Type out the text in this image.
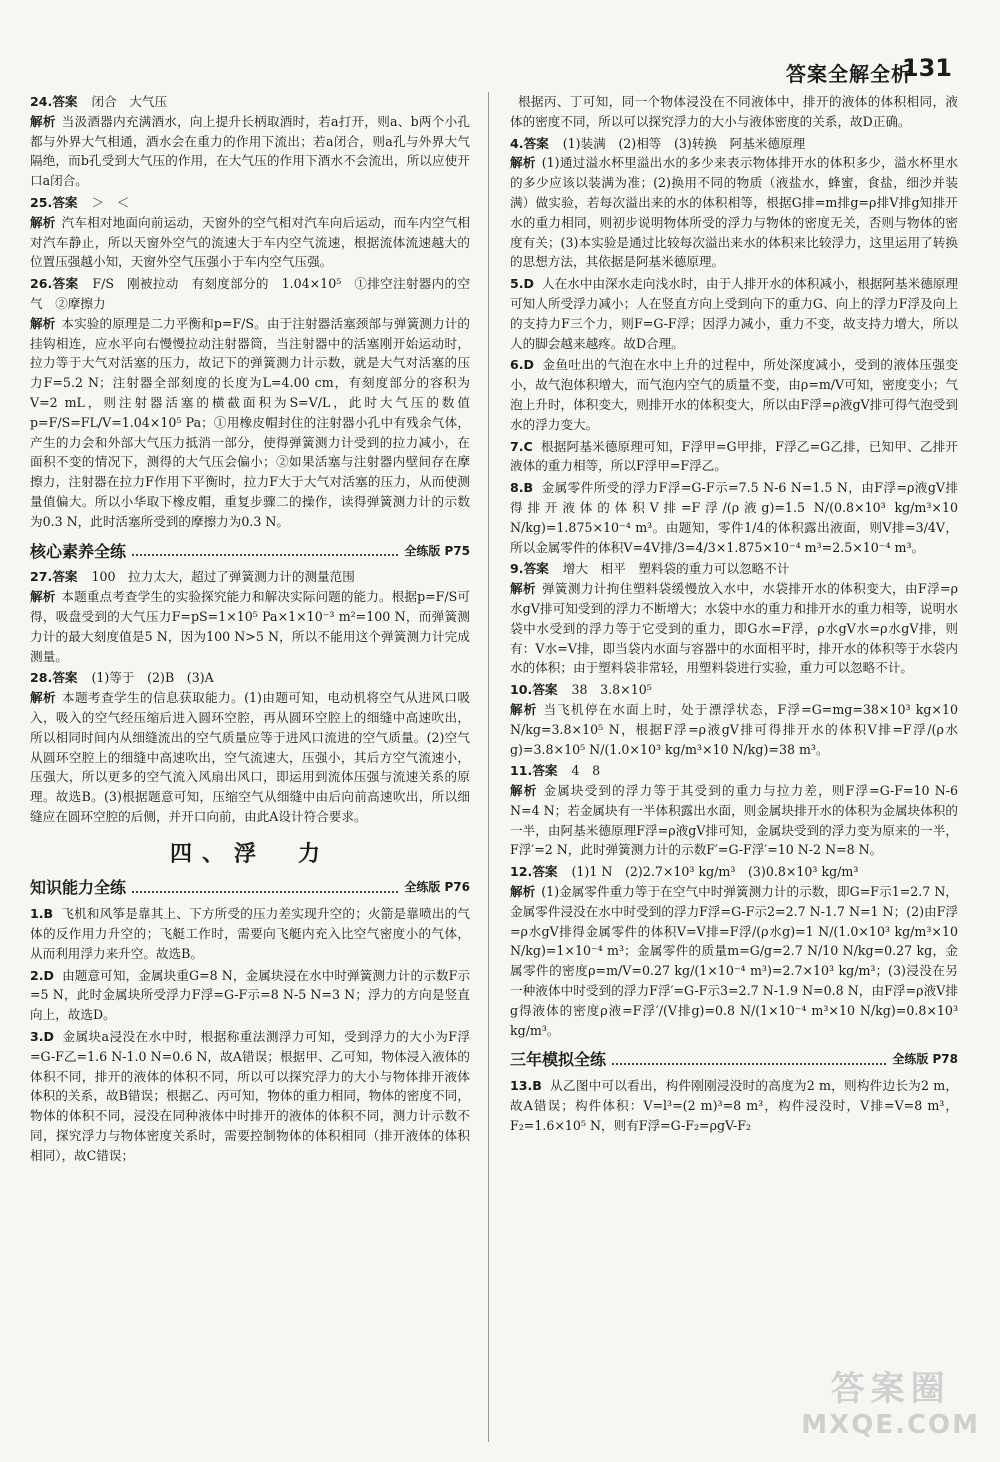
答案全解全析
131

24.答案 闭合　大气压

解析 当汲酒器内充满酒水，向上提升长柄取酒时，若a打开，则a、b两个小孔都与外界大气相通，酒水会在重力的作用下流出；若a闭合，则a孔与外界大气隔绝，而b孔受到大气压的作用，在大气压的作用下酒水不会流出，所以应使开口a闭合。

25.答案 ＞　＜

解析 汽车相对地面向前运动，天窗外的空气相对汽车向后运动，而车内空气相对汽车静止，所以天窗外空气的流速大于车内空气流速，根据流体流速越大的位置压强越小知，天窗外空气压强小于车内空气压强。

26.答案 F/S　刚被拉动　有刻度部分的　1.04×10⁵　①排空注射器内的空气　②摩擦力

解析 本实验的原理是二力平衡和p=F/S。由于注射器活塞颈部与弹簧测力计的挂钩相连，应水平向右慢慢拉动注射器筒，当注射器中的活塞刚开始运动时，拉力等于大气对活塞的压力，故记下的弹簧测力计示数，就是大气对活塞的压力F=5.2 N；注射器全部刻度的长度为L=4.00 cm，有刻度部分的容积为V=2 mL，则注射器活塞的横截面积为S=V/L，此时大气压的数值p=F/S=FL/V=1.04×10⁵ Pa；①用橡皮帽封住的注射器小孔中有残余气体，产生的力会和外部大气压力抵消一部分，使得弹簧测力计受到的拉力减小，在面积不变的情况下，测得的大气压会偏小；②如果活塞与注射器内壁间存在摩擦力，注射器在拉力F作用下平衡时，拉力F大于大气对活塞的压力，从而使测量值偏大。所以小华取下橡皮帽，重复步骤二的操作，读得弹簧测力计的示数为0.3 N，此时活塞所受到的摩擦力为0.3 N。

核心素养全练	全练版 P75

27.答案 100　拉力太大，超过了弹簧测力计的测量范围

解析 本题重点考查学生的实验探究能力和解决实际问题的能力。根据p=F/S可得，吸盘受到的大气压力F=pS=1×10⁵ Pa×1×10⁻³ m²=100 N，而弹簧测力计的最大刻度值是5 N，因为100 N>5 N，所以不能用这个弹簧测力计完成测量。

28.答案 (1)等于　(2)B　(3)A

解析 本题考查学生的信息获取能力。(1)由题可知，电动机将空气从进风口吸入，吸入的空气经压缩后进入圆环空腔，再从圆环空腔上的细缝中高速吹出，所以相同时间内从细缝流出的空气质量应等于进风口流进的空气质量。(2)空气从圆环空腔上的细缝中高速吹出，空气流速大，压强小，其后方空气流速小，压强大，所以更多的空气流入风扇出风口，即运用到流体压强与流速关系的原理。故选B。(3)根据题意可知，压缩空气从细缝中由后向前高速吹出，所以细缝应在圆环空腔的后侧，并开口向前，由此A设计符合要求。

四、浮　力
知识能力全练	全练版 P76

1.B 飞机和风筝是靠其上、下方所受的压力差实现升空的；火箭是靠喷出的气体的反作用力升空的；飞艇工作时，需要向飞艇内充入比空气密度小的气体，从而利用浮力来升空。故选B。

2.D 由题意可知，金属块重G=8 N，金属块浸在水中时弹簧测力计的示数F示=5 N，此时金属块所受浮力F浮=G-F示=8 N-5 N=3 N；浮力的方向是竖直向上，故选D。

3.D 金属块a浸没在水中时，根据称重法测浮力可知，受到浮力的大小为F浮=G-F乙=1.6 N-1.0 N=0.6 N，故A错误；根据甲、乙可知，物体浸入液体的体积不同，排开的液体的体积不同，所以可以探究浮力的大小与物体排开液体体积的关系，故B错误；根据乙、丙可知，物体的重力相同，物体的密度不同，物体的体积不同，浸没在同种液体中时排开的液体的体积不同，测力计示数不同，探究浮力与物体密度关系时，需要控制物体的体积相同（排开液体的体积相同），故C错误；

根据丙、丁可知，同一个物体浸没在不同液体中，排开的液体的体积相同，液体的密度不同，所以可以探究浮力的大小与液体密度的关系，故D正确。

4.答案 (1)装满　(2)相等　(3)转换　阿基米德原理

解析 (1)通过溢水杯里溢出水的多少来表示物体排开水的体积多少，溢水杯里水的多少应该以装满为准；(2)换用不同的物质（液盐水，蜂蜜，食盐，细沙并装满）做实验，若每次溢出来的水的体积相等，根据G排=m排g=ρ排V排g知排开水的重力相同，则初步说明物体所受的浮力与物体的密度无关，否则与物体的密度有关；(3)本实验是通过比较每次溢出来水的体积来比较浮力，这里运用了转换的思想方法，其依据是阿基米德原理。

5.D 人在水中由深水走向浅水时，由于人排开水的体积减小，根据阿基米德原理可知人所受浮力减小；人在竖直方向上受到向下的重力G、向上的浮力F浮及向上的支持力F三个力，则F=G-F浮；因浮力减小，重力不变，故支持力增大，所以人的脚会越来越疼。故D合理。

6.D 金鱼吐出的气泡在水中上升的过程中，所处深度减小，受到的液体压强变小，故气泡体积增大，而气泡内空气的质量不变，由ρ=m/V可知，密度变小；气泡上升时，体积变大，则排开水的体积变大，所以由F浮=ρ液gV排可得气泡受到水的浮力变大。

7.C 根据阿基米德原理可知，F浮甲=G甲排，F浮乙=G乙排，已知甲、乙排开液体的重力相等，所以F浮甲=F浮乙。

8.B 金属零件所受的浮力F浮=G-F示=7.5 N-6 N=1.5 N，由F浮=ρ液gV排得排开液体的体积V排=F浮/(ρ液g)=1.5 N/(0.8×10³ kg/m³×10 N/kg)=1.875×10⁻⁴ m³。由题知，零件1/4的体积露出液面，则V排=3/4V，所以金属零件的体积V=4V排/3=4/3×1.875×10⁻⁴ m³=2.5×10⁻⁴ m³。

9.答案 增大　相平　塑料袋的重力可以忽略不计

解析 弹簧测力计拘住塑料袋缓慢放入水中，水袋排开水的体积变大，由F浮=ρ水gV排可知受到的浮力不断增大；水袋中水的重力和排开水的重力相等，说明水袋中水受到的浮力等于它受到的重力，即G水=F浮，ρ水gV水=ρ水gV排，则有：V水=V排，即当袋内水面与容器中的水面相平时，排开水的体积等于水袋内水的体积；由于塑料袋非常轻，用塑料袋进行实验，重力可以忽略不计。

10.答案 38　3.8×10⁵

解析 当飞机停在水面上时，处于漂浮状态，F浮=G=mg=38×10³ kg×10 N/kg=3.8×10⁵ N，根据F浮=ρ液gV排可得排开水的体积V排=F浮/(ρ水g)=3.8×10⁵ N/(1.0×10³ kg/m³×10 N/kg)=38 m³。

11.答案 4　8

解析 金属块受到的浮力等于其受到的重力与拉力差，则F浮=G-F=10 N-6 N=4 N；若金属块有一半体积露出水面，则金属块排开水的体积为金属块体积的一半，由阿基米德原理F浮=ρ液gV排可知，金属块受到的浮力变为原来的一半，F浮′=2 N，此时弹簧测力计的示数F′=G-F浮′=10 N-2 N=8 N。

12.答案 (1)1 N　(2)2.7×10³ kg/m³　(3)0.8×10³ kg/m³

解析 (1)金属零件重力等于在空气中时弹簧测力计的示数，即G=F示1=2.7 N，金属零件浸没在水中时受到的浮力F浮=G-F示2=2.7 N-1.7 N=1 N；(2)由F浮=ρ水gV排得金属零件的体积V=V排=F浮/(ρ水g)=1 N/(1.0×10³ kg/m³×10 N/kg)=1×10⁻⁴ m³；金属零件的质量m=G/g=2.7 N/10 N/kg=0.27 kg，金属零件的密度ρ=m/V=0.27 kg/(1×10⁻⁴ m³)=2.7×10³ kg/m³；(3)浸没在另一种液体中时受到的浮力F浮′=G-F示3=2.7 N-1.9 N=0.8 N，由F浮=ρ液V排g得液体的密度ρ液=F浮′/(V排g)=0.8 N/(1×10⁻⁴ m³×10 N/kg)=0.8×10³ kg/m³。

三年模拟全练	全练版 P78

13.B 从乙图中可以看出，构件刚刚浸没时的高度为2 m，则构件边长为2 m，故A错误；构件体积：V=l³=(2 m)³=8 m³，构件浸没时，V排=V=8 m³，F₂=1.6×10⁵ N，则有F浮=G-F₂=ρgV-F₂

答案圈
MXQE.COM
